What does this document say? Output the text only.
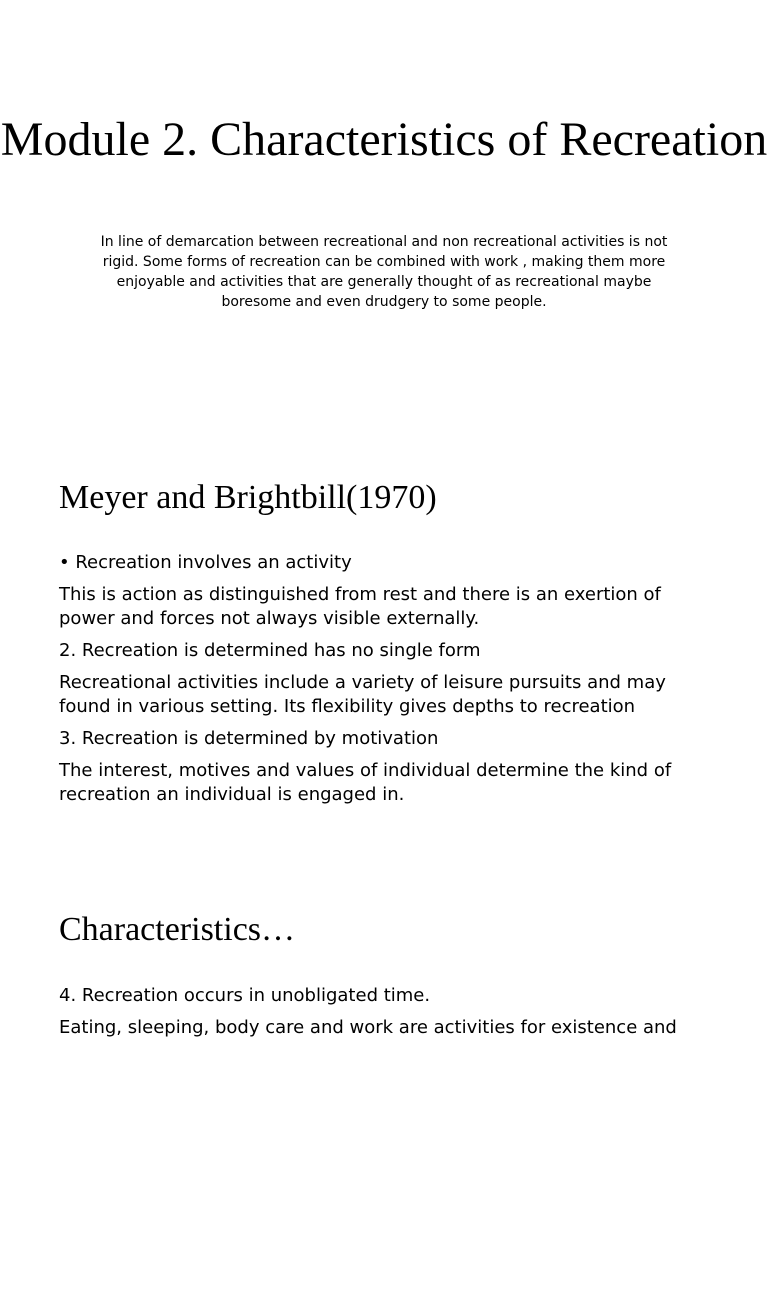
Module 2. Characteristics of Recreation
In line of demarcation between recreational and non recreational activities is not rigid. Some forms of recreation can be combined with work , making them more enjoyable and activities that are generally thought of as recreational maybe boresome and even drudgery to some people.
Meyer and Brightbill(1970)

• Recreation involves an activity

This is action as distinguished from rest and there is an exertion of power and forces not always visible externally.

2. Recreation is determined has no single form

Recreational activities include a variety of leisure pursuits and may found in various setting. Its flexibility gives depths to recreation

3. Recreation is determined by motivation

The interest, motives and values of individual determine the kind of recreation an individual is engaged in.

Characteristics…

4. Recreation occurs in unobligated time.

Eating, sleeping, body care and work are activities for existence and
